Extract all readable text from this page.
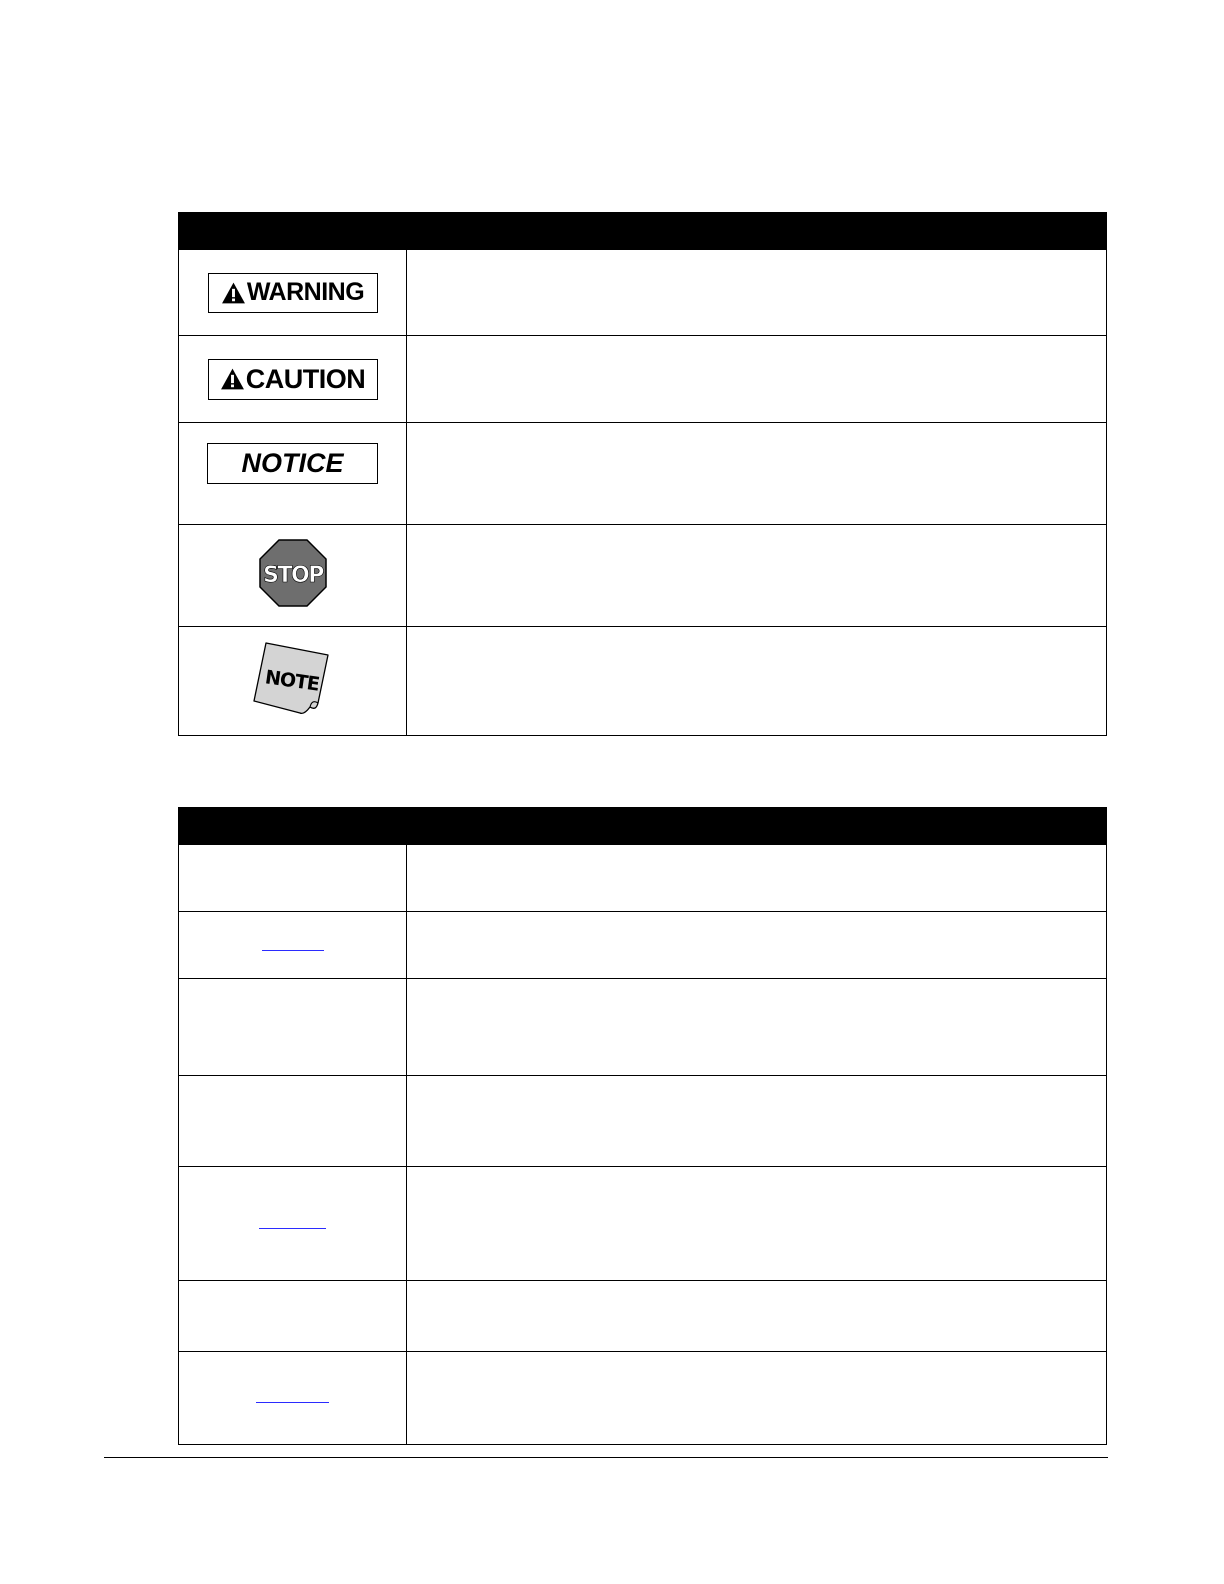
WARNING	

CAUTION	

NOTICE	

STOP	

NOTE	
